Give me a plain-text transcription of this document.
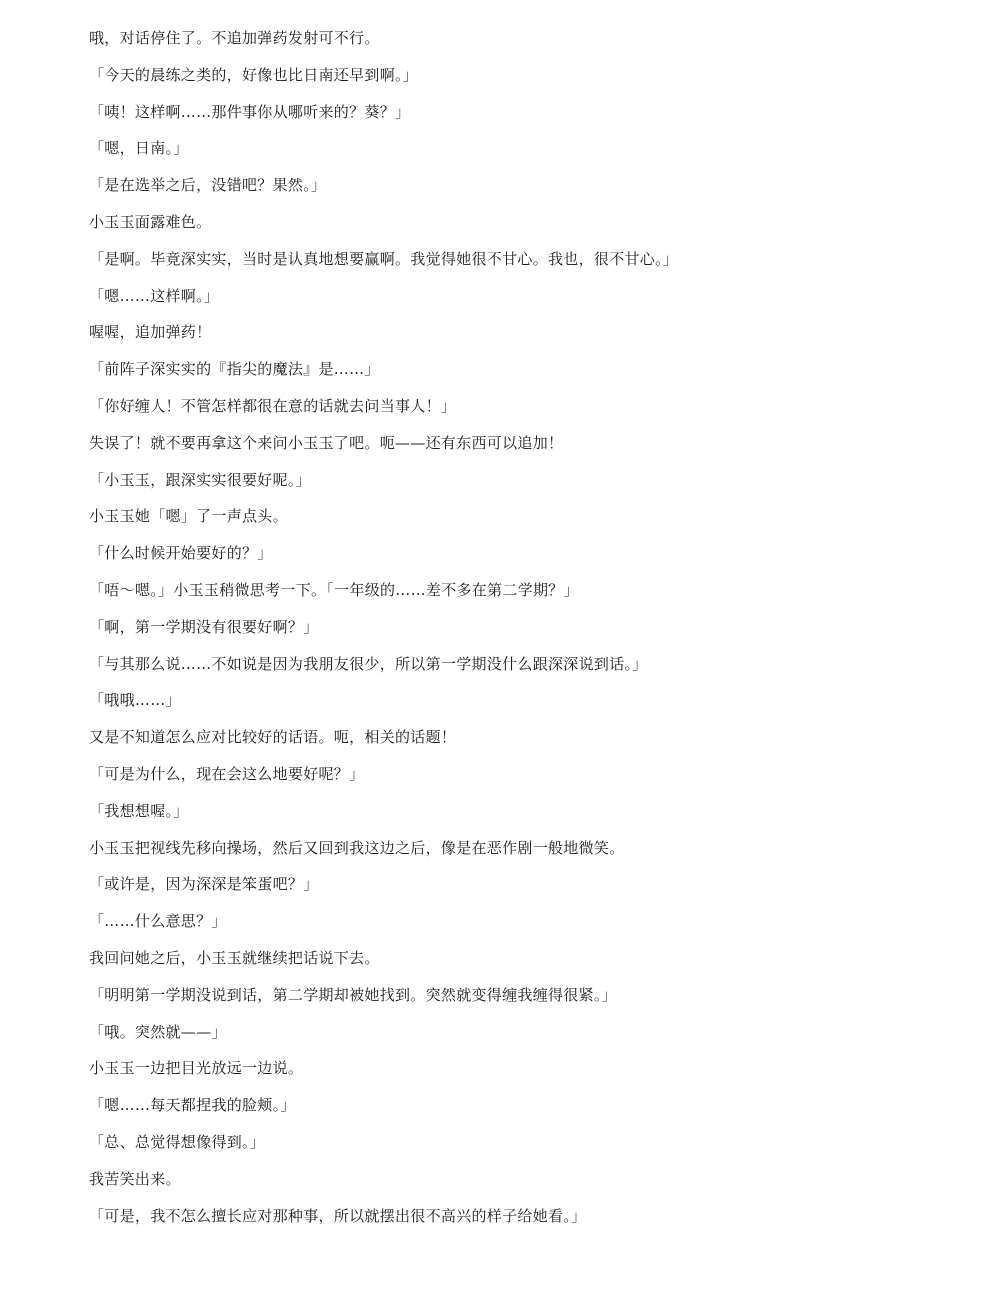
哦，对话停住了。不追加弹药发射可不行。

「今天的晨练之类的，好像也比日南还早到啊。」

「咦！这样啊……那件事你从哪听来的？葵？」

「嗯，日南。」

「是在选举之后，没错吧？果然。」

小玉玉面露难色。

「是啊。毕竟深实实，当时是认真地想要赢啊。我觉得她很不甘心。我也，很不甘心。」

「嗯……这样啊。」

喔喔，追加弹药！

「前阵子深实实的『指尖的魔法』是……」

「你好缠人！不管怎样都很在意的话就去问当事人！」

失误了！就不要再拿这个来问小玉玉了吧。呃——还有东西可以追加！

「小玉玉，跟深实实很要好呢。」

小玉玉她「嗯」了一声点头。

「什么时候开始要好的？」

「唔～嗯。」小玉玉稍微思考一下。「一年级的……差不多在第二学期？」

「啊，第一学期没有很要好啊？」

「与其那么说……不如说是因为我朋友很少，所以第一学期没什么跟深深说到话。」

「哦哦……」

又是不知道怎么应对比较好的话语。呃，相关的话题！

「可是为什么，现在会这么地要好呢？」

「我想想喔。」

小玉玉把视线先移向操场，然后又回到我这边之后，像是在恶作剧一般地微笑。

「或许是，因为深深是笨蛋吧？」

「……什么意思？」

我回问她之后，小玉玉就继续把话说下去。

「明明第一学期没说到话，第二学期却被她找到。突然就变得缠我缠得很紧。」

「哦。突然就——」

小玉玉一边把目光放远一边说。

「嗯……每天都捏我的脸颊。」

「总、总觉得想像得到。」

我苦笑出来。

「可是，我不怎么擅长应对那种事，所以就摆出很不高兴的样子给她看。」
